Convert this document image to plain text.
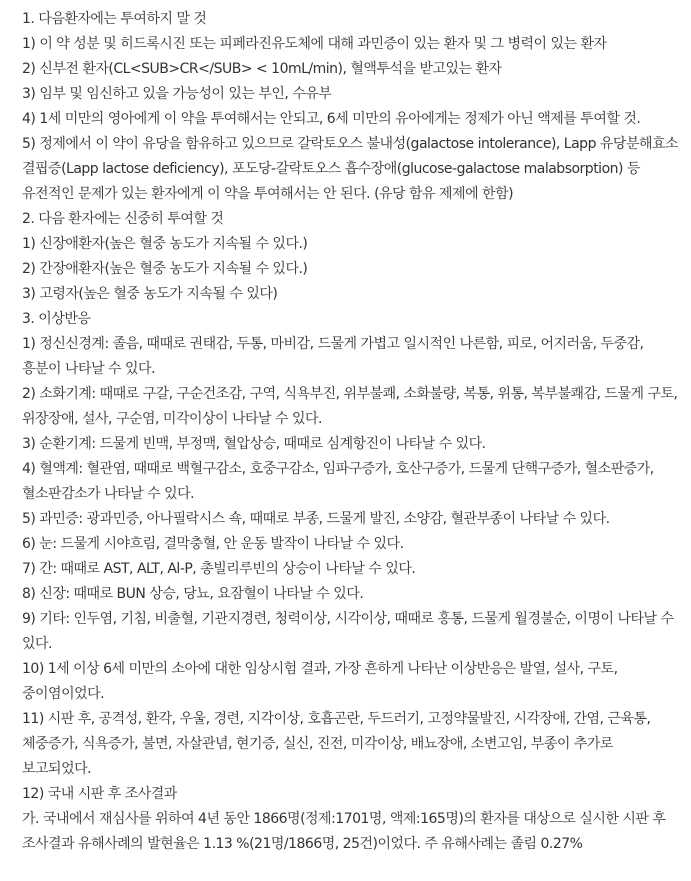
1. 다음환자에는 투여하지 말 것

1) 이 약 성분 및 히드록시진 또는 피페라진유도체에 대해 과민증이 있는 환자 및 그 병력이 있는 환자

2) 신부전 환자(CL<SUB>CR</SUB> < 10mL/min), 혈액투석을 받고있는 환자

3) 임부 및 임신하고 있을 가능성이 있는 부인, 수유부

4) 1세 미만의 영아에게 이 약을 투여해서는 안되고, 6세 미만의 유아에게는 정제가 아닌 액제를 투여할 것.

5) 정제에서 이 약이 유당을 함유하고 있으므로 갈락토오스 불내성(galactose intolerance), Lapp 유당분해효소 결핍증(Lapp lactose deficiency), 포도당-갈락토오스 흡수장애(glucose-galactose malabsorption) 등 유전적인 문제가 있는 환자에게 이 약을 투여해서는 안 된다. (유당 함유 제제에 한함)

2. 다음 환자에는 신중히 투여할 것

1) 신장애환자(높은 혈중 농도가 지속될 수 있다.)

2) 간장애환자(높은 혈중 농도가 지속될 수 있다.)

3) 고령자(높은 혈중 농도가 지속될 수 있다)

3. 이상반응

1) 정신신경계: 졸음, 때때로 권태감, 두통, 마비감, 드물게 가볍고 일시적인 나른함, 피로, 어지러움, 두중감, 흥분이 나타날 수 있다.

2) 소화기계: 때때로 구갈, 구순건조감, 구역, 식욕부진, 위부불쾌, 소화불량, 복통, 위통, 복부불쾌감, 드물게 구토, 위장장애, 설사, 구순염, 미각이상이 나타날 수 있다.

3) 순환기계: 드물게 빈맥, 부정맥, 혈압상승, 때때로 심계항진이 나타날 수 있다.

4) 혈액계: 혈관염, 때때로 백혈구감소, 호중구감소, 임파구증가, 호산구증가, 드물게 단핵구증가, 혈소판증가, 혈소판감소가 나타날 수 있다.

5) 과민증: 광과민증, 아나필락시스 쇽, 때때로 부종, 드물게 발진, 소양감, 혈관부종이 나타날 수 있다.

6) 눈: 드물게 시야흐림, 결막충혈, 안 운동 발작이 나타날 수 있다.

7) 간: 때때로 AST, ALT, Al-P, 총빌리루빈의 상승이 나타날 수 있다.

8) 신장: 때때로 BUN 상승, 당뇨, 요잠혈이 나타날 수 있다.

9) 기타: 인두염, 기침, 비출혈, 기관지경련, 청력이상, 시각이상, 때때로 홍통, 드물게 월경불순, 이명이 나타날 수 있다.

10) 1세 이상 6세 미만의 소아에 대한 임상시험 결과, 가장 흔하게 나타난 이상반응은 발열, 설사, 구토, 중이염이었다.

11) 시판 후, 공격성, 환각, 우울, 경련, 지각이상, 호흡곤란, 두드러기, 고정약물발진, 시각장애, 간염, 근육통, 체중증가, 식욕증가, 불면, 자살관념, 현기증, 실신, 진전, 미각이상, 배뇨장애, 소변고임, 부종이 추가로 보고되었다.

12) 국내 시판 후 조사결과

가. 국내에서 재심사를 위하여 4년 동안 1866명(정제:1701명, 액제:165명)의 환자를 대상으로 실시한 시판 후 조사결과 유해사례의 발현율은 1.13 %(21명/1866명, 25건)이었다. 주 유해사례는 졸림 0.27%
